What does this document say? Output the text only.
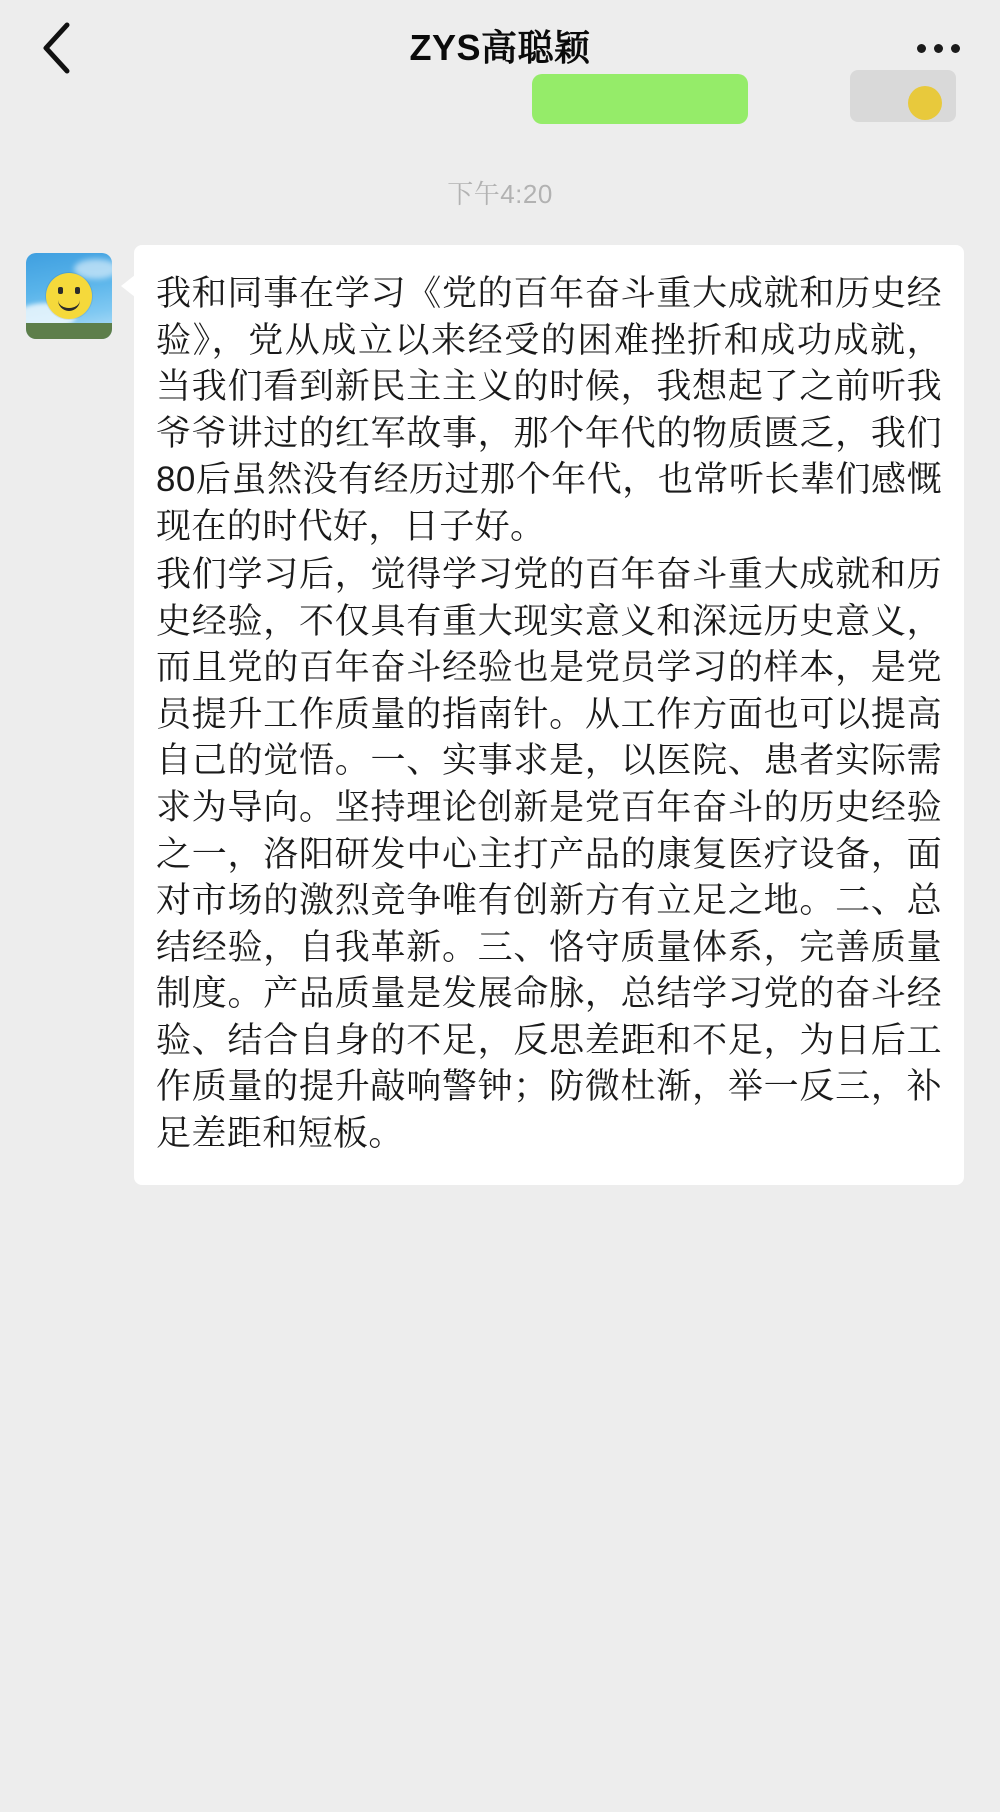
ZYS高聪颖
下午4:20

我和同事在学习《党的百年奋斗重大成就和历史经验》，党从成立以来经受的困难挫折和成功成就，当我们看到新民主主义的时候，我想起了之前听我爷爷讲过的红军故事，那个年代的物质匮乏，我们80后虽然没有经历过那个年代，也常听长辈们感慨现在的时代好，日子好。

我们学习后，觉得学习党的百年奋斗重大成就和历史经验，不仅具有重大现实意义和深远历史意义，而且党的百年奋斗经验也是党员学习的样本，是党员提升工作质量的指南针。从工作方面也可以提高自己的觉悟。一、实事求是，以医院、患者实际需求为导向。坚持理论创新是党百年奋斗的历史经验之一，洛阳研发中心主打产品的康复医疗设备，面对市场的激烈竞争唯有创新方有立足之地。二、总结经验，自我革新。三、恪守质量体系，完善质量制度。产品质量是发展命脉，总结学习党的奋斗经验、结合自身的不足，反思差距和不足，为日后工作质量的提升敲响警钟；防微杜渐，举一反三，补足差距和短板。
